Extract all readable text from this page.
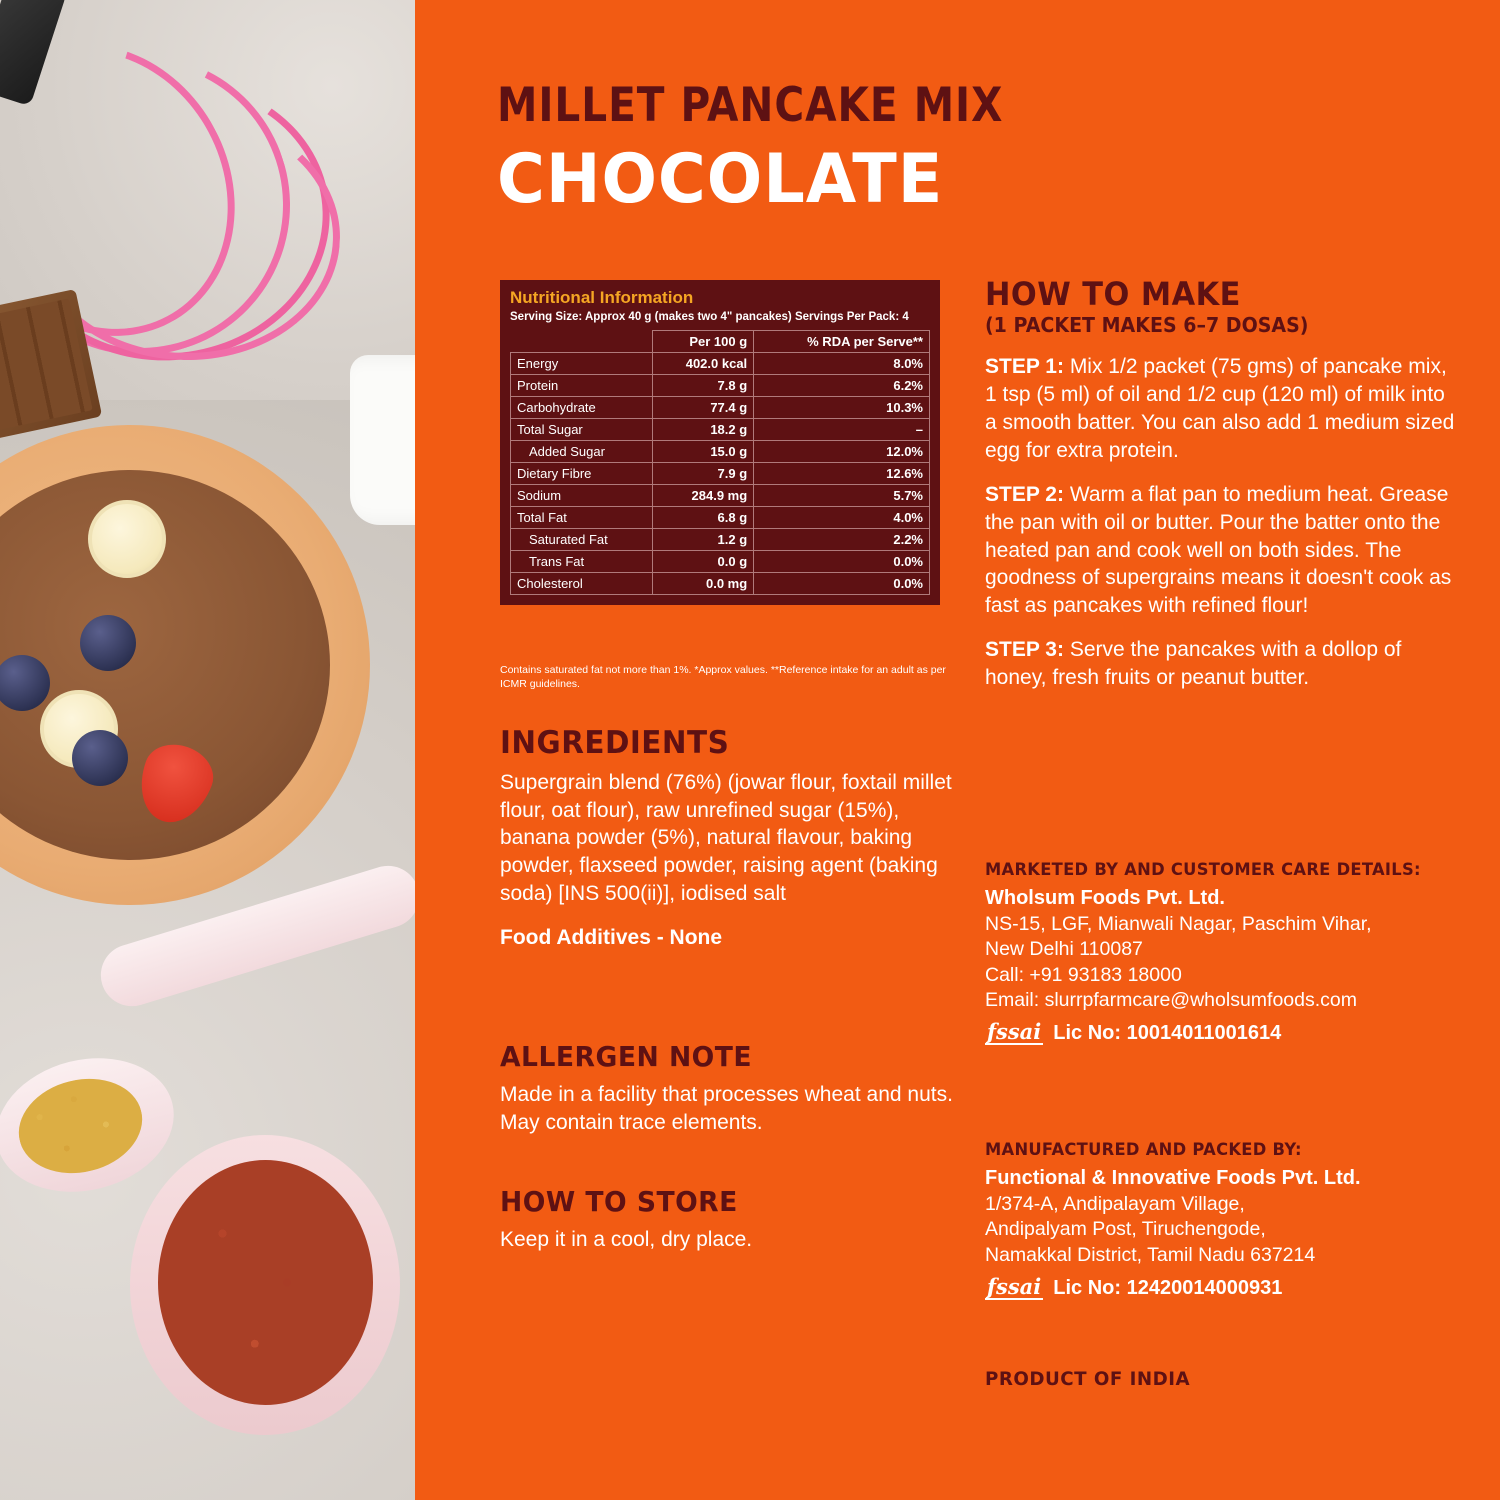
MILLET PANCAKE MIX
CHOCOLATE
Nutritional Information
Serving Size: Approx 40 g (makes two 4" pancakes) Servings Per Pack: 4
	Per 100 g	% RDA per Serve**
Energy	402.0 kcal	8.0%
Protein	7.8 g	6.2%
Carbohydrate	77.4 g	10.3%
Total Sugar	18.2 g	–
Added Sugar	15.0 g	12.0%
Dietary Fibre	7.9 g	12.6%
Sodium	284.9 mg	5.7%
Total Fat	6.8 g	4.0%
Saturated Fat	1.2 g	2.2%
Trans Fat	0.0 g	0.0%
Cholesterol	0.0 mg	0.0%
Contains saturated fat not more than 1%. *Approx values. **Reference intake for an adult as per ICMR guidelines.
INGREDIENTS
Supergrain blend (76%) (jowar flour, foxtail millet flour, oat flour), raw unrefined sugar (15%), banana powder (5%), natural flavour, baking powder, flaxseed powder, raising agent (baking soda) [INS 500(ii)], iodised salt
Food Additives - None
ALLERGEN NOTE
Made in a facility that processes wheat and nuts. May contain trace elements.
HOW TO STORE
Keep it in a cool, dry place.
HOW TO MAKE
(1 PACKET MAKES 6–7 DOSAS)
STEP 1: Mix 1/2 packet (75 gms) of pancake mix, 1 tsp (5 ml) of oil and 1/2 cup (120 ml) of milk into a smooth batter. You can also add 1 medium sized egg for extra protein.
STEP 2: Warm a flat pan to medium heat. Grease the pan with oil or butter. Pour the batter onto the heated pan and cook well on both sides. The goodness of supergrains means it doesn't cook as fast as pancakes with refined flour!
STEP 3: Serve the pancakes with a dollop of honey, fresh fruits or peanut butter.
MARKETED BY AND CUSTOMER CARE DETAILS:
Wholsum Foods Pvt. Ltd.
NS-15, LGF, Mianwali Nagar, Paschim Vihar,
New Delhi 110087
Call: +91 93183 18000
Email: slurrpfarmcare@wholsumfoods.com
fssai Lic No: 10014011001614
MANUFACTURED AND PACKED BY:
Functional & Innovative Foods Pvt. Ltd.
1/374-A, Andipalayam Village,
Andipalyam Post, Tiruchengode,
Namakkal District, Tamil Nadu 637214
fssai Lic No: 12420014000931
PRODUCT OF INDIA
